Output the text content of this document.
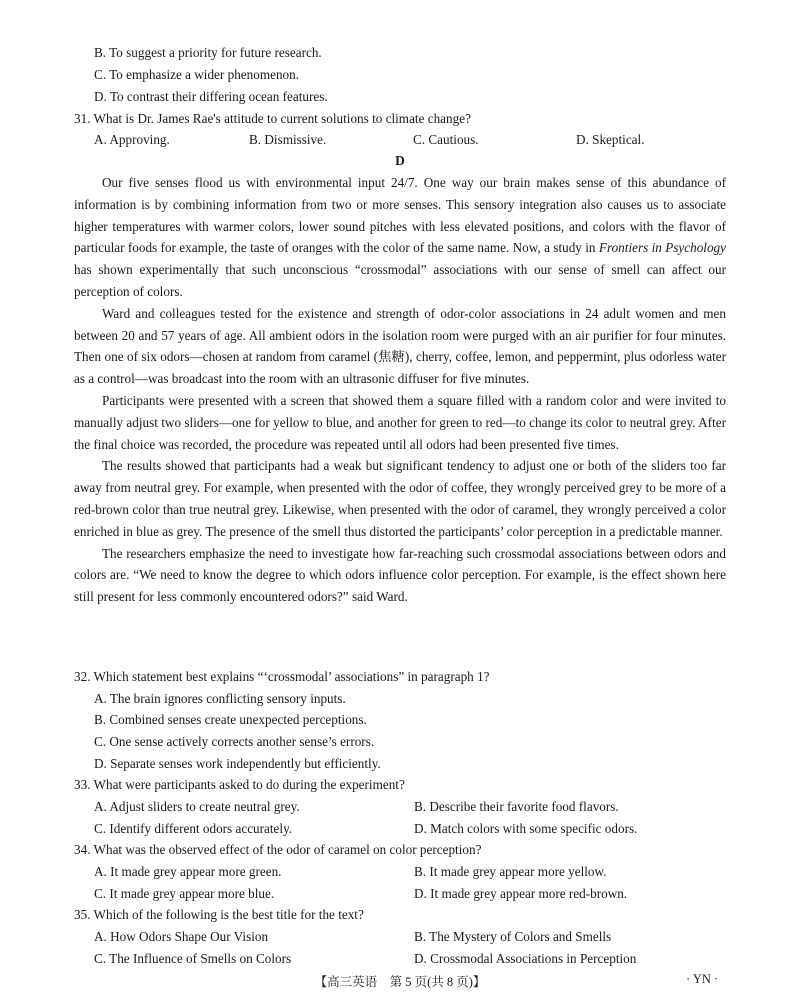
B. To suggest a priority for future research.
C. To emphasize a wider phenomenon.
D. To contrast their differing ocean features.
31. What is Dr. James Rae's attitude to current solutions to climate change?
A. Approving.	B. Dismissive.	C. Cautious.	D. Skeptical.
D

Our five senses flood us with environmental input 24/7. One way our brain makes sense of this abundance of information is by combining information from two or more senses. This sensory integration also causes us to associate higher temperatures with warmer colors, lower sound pitches with less elevated positions, and colors with the flavor of particular foods for example, the taste of oranges with the color of the same name. Now, a study in Frontiers in Psychology has shown experimentally that such unconscious “crossmodal” associations with our sense of smell can affect our perception of colors.

Ward and colleagues tested for the existence and strength of odor-color associations in 24 adult women and men between 20 and 57 years of age. All ambient odors in the isolation room were purged with an air purifier for four minutes. Then one of six odors—chosen at random from caramel (焦糖), cherry, coffee, lemon, and peppermint, plus odorless water as a control—was broadcast into the room with an ultrasonic diffuser for five minutes.

Participants were presented with a screen that showed them a square filled with a random color and were invited to manually adjust two sliders—one for yellow to blue, and another for green to red—to change its color to neutral grey. After the final choice was recorded, the procedure was repeated until all odors had been presented five times.

The results showed that participants had a weak but significant tendency to adjust one or both of the sliders too far away from neutral grey. For example, when presented with the odor of coffee, they wrongly perceived grey to be more of a red-brown color than true neutral grey. Likewise, when presented with the odor of caramel, they wrongly perceived a color enriched in blue as grey. The presence of the smell thus distorted the participants’ color perception in a predictable manner.

The researchers emphasize the need to investigate how far-reaching such crossmodal associations between odors and colors are. “We need to know the degree to which odors influence color perception. For example, is the effect shown here still present for less commonly encountered odors?” said Ward.

32. Which statement best explains “‘crossmodal’ associations” in paragraph 1?
A. The brain ignores conflicting sensory inputs.
B. Combined senses create unexpected perceptions.
C. One sense actively corrects another sense’s errors.
D. Separate senses work independently but efficiently.
33. What were participants asked to do during the experiment?
A. Adjust sliders to create neutral grey.	B. Describe their favorite food flavors.
C. Identify different odors accurately.	D. Match colors with some specific odors.
34. What was the observed effect of the odor of caramel on color perception?
A. It made grey appear more green.	B. It made grey appear more yellow.
C. It made grey appear more blue.	D. It made grey appear more red-brown.
35. Which of the following is the best title for the text?
A. How Odors Shape Our Vision	B. The Mystery of Colors and Smells
C. The Influence of Smells on Colors	D. Crossmodal Associations in Perception
【高三英语　第 5 页(共 8 页)】	· YN ·
